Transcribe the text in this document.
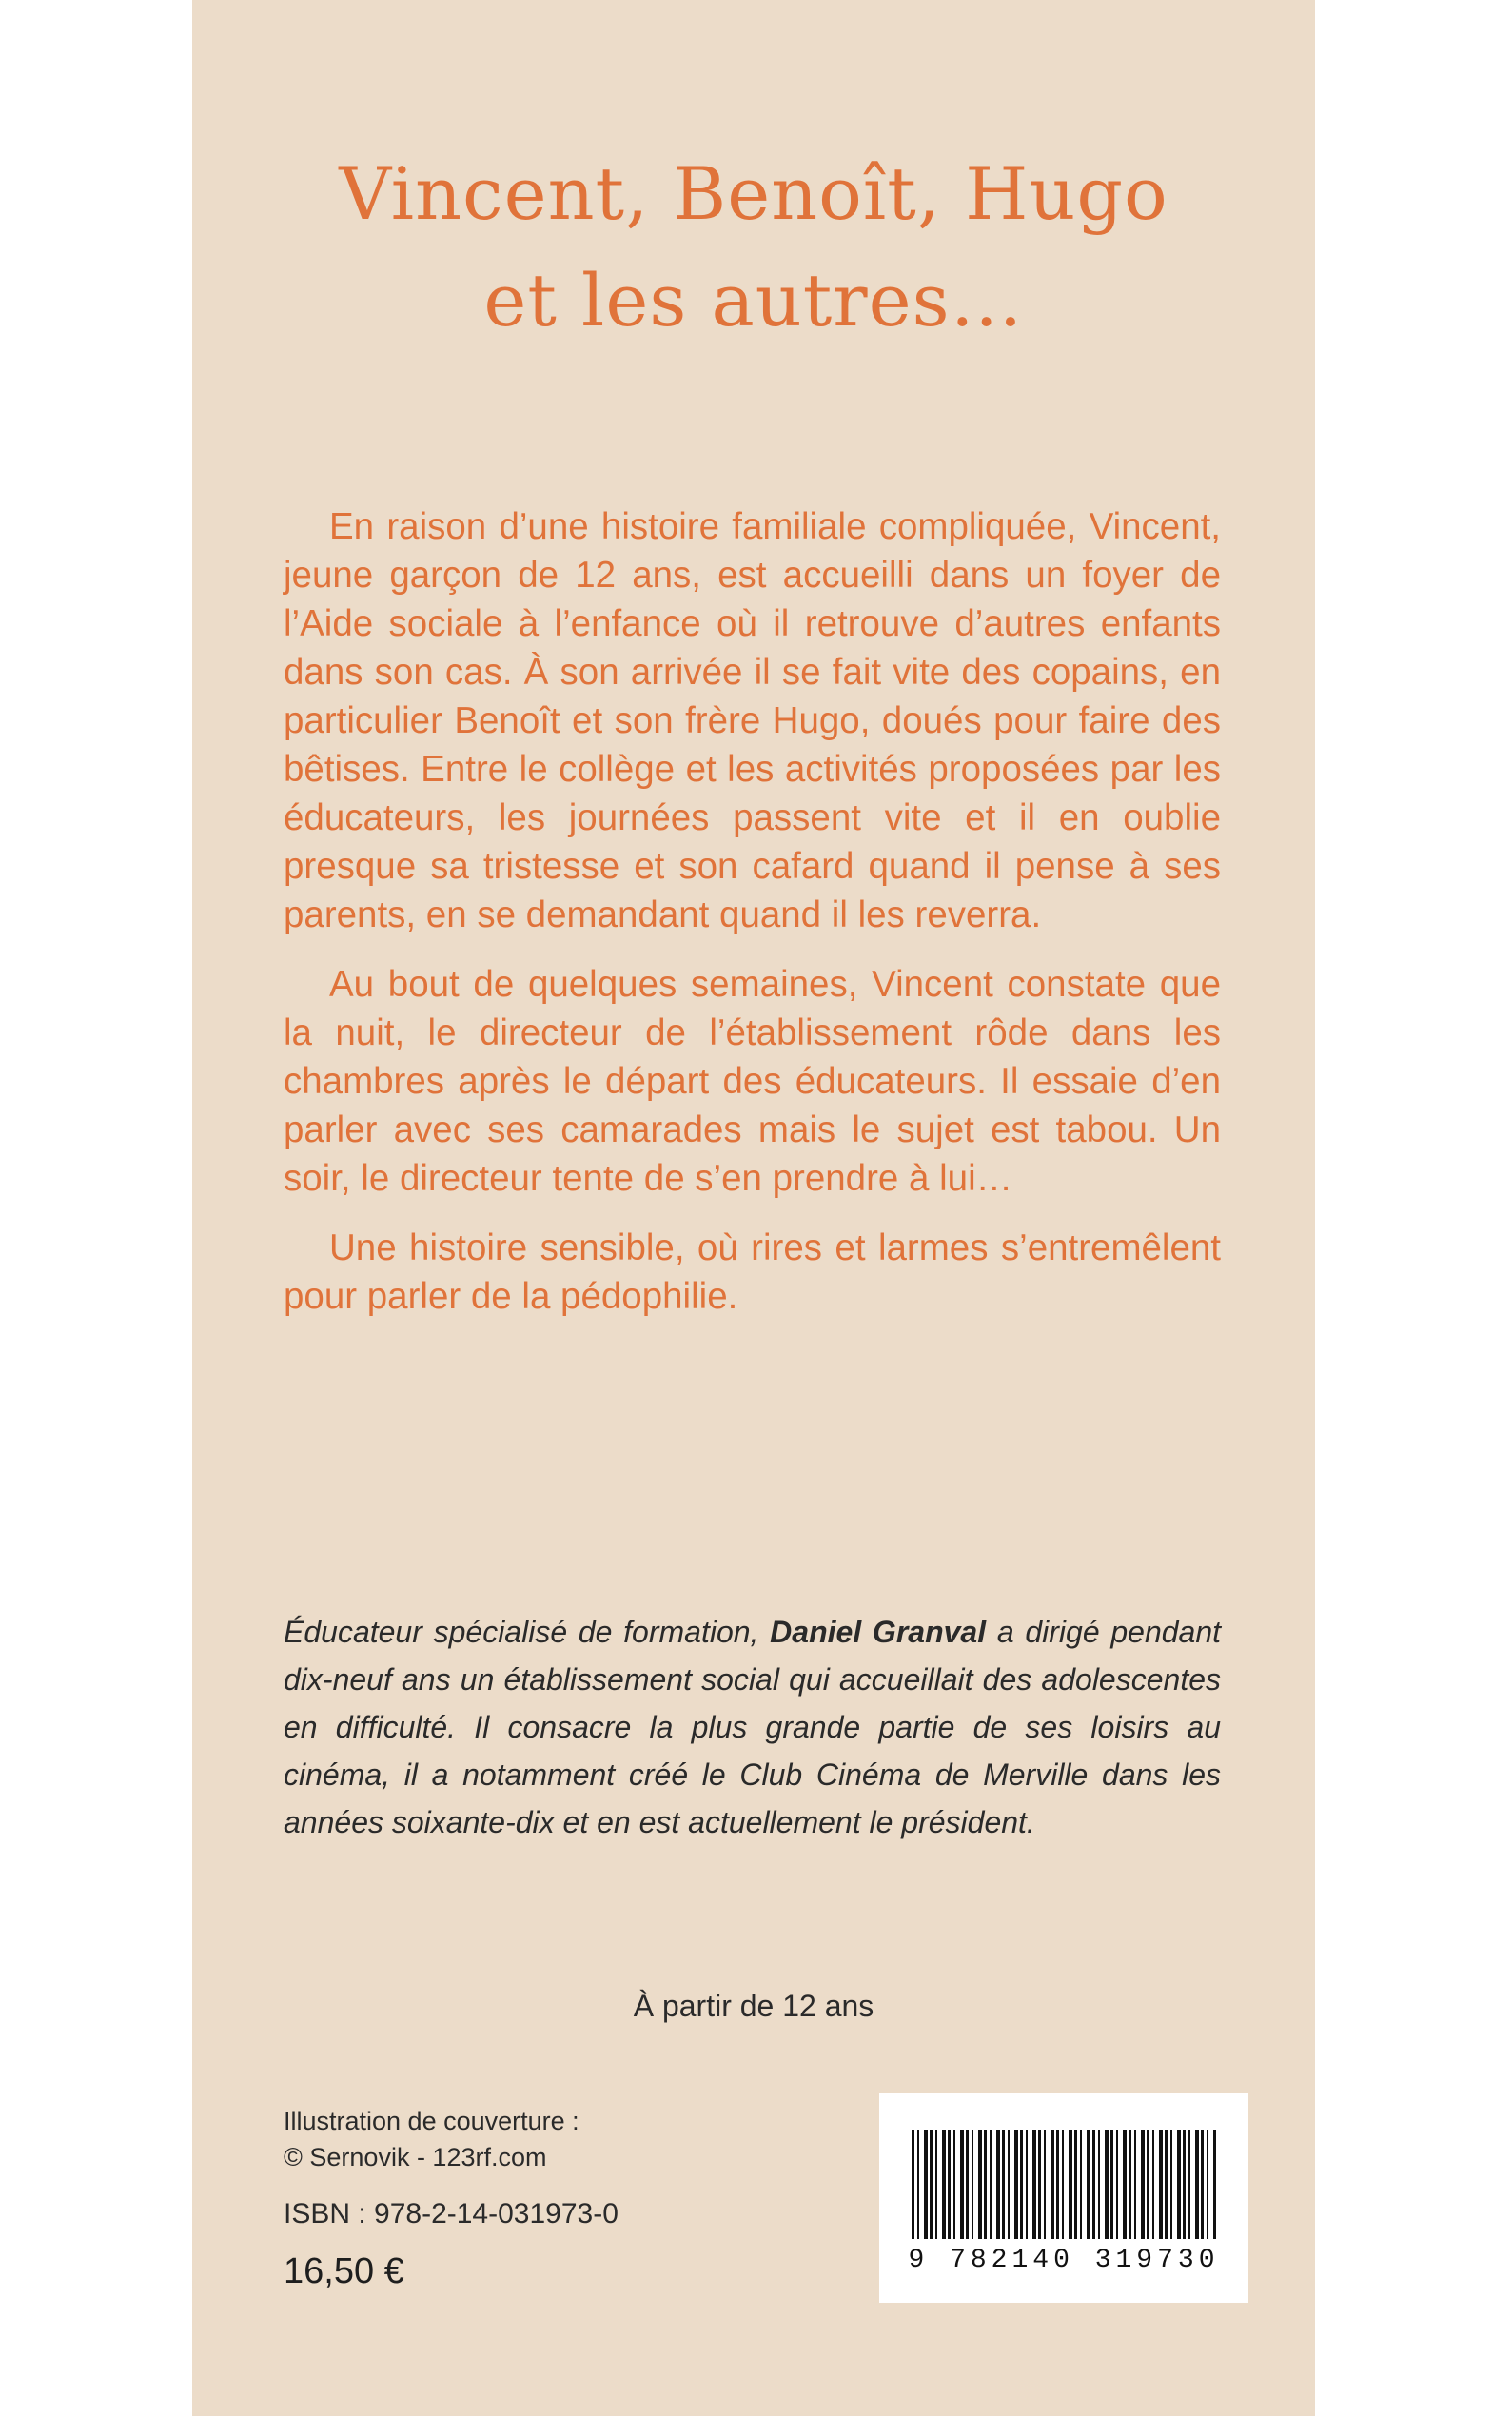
Vincent, Benoît, Hugo
et les autres…

En raison d’une histoire familiale compliquée, Vincent, jeune garçon de 12 ans, est accueilli dans un foyer de l’Aide sociale à l’enfance où il retrouve d’autres enfants dans son cas. À son arrivée il se fait vite des copains, en particulier Benoît et son frère Hugo, doués pour faire des bêtises. Entre le collège et les activités proposées par les éducateurs, les journées passent vite et il en oublie presque sa tristesse et son cafard quand il pense à ses parents, en se demandant quand il les reverra.

Au bout de quelques semaines, Vincent constate que la nuit, le directeur de l’établissement rôde dans les chambres après le départ des éducateurs. Il essaie d’en parler avec ses camarades mais le sujet est tabou. Un soir, le directeur tente de s’en prendre à lui…

Une histoire sensible, où rires et larmes s’entremêlent pour parler de la pédophilie.

Éducateur spécialisé de formation, Daniel Granval a dirigé pendant dix-neuf ans un établissement social qui accueillait des adolescentes en difficulté. Il consacre la plus grande partie de ses loisirs au cinéma, il a notamment créé le Club Cinéma de Merville dans les années soixante-dix et en est actuellement le président.

À partir de 12 ans
Illustration de couverture :
© Sernovik - 123rf.com
ISBN : 978-2-14-031973-0
16,50 €	9 782140 319730
